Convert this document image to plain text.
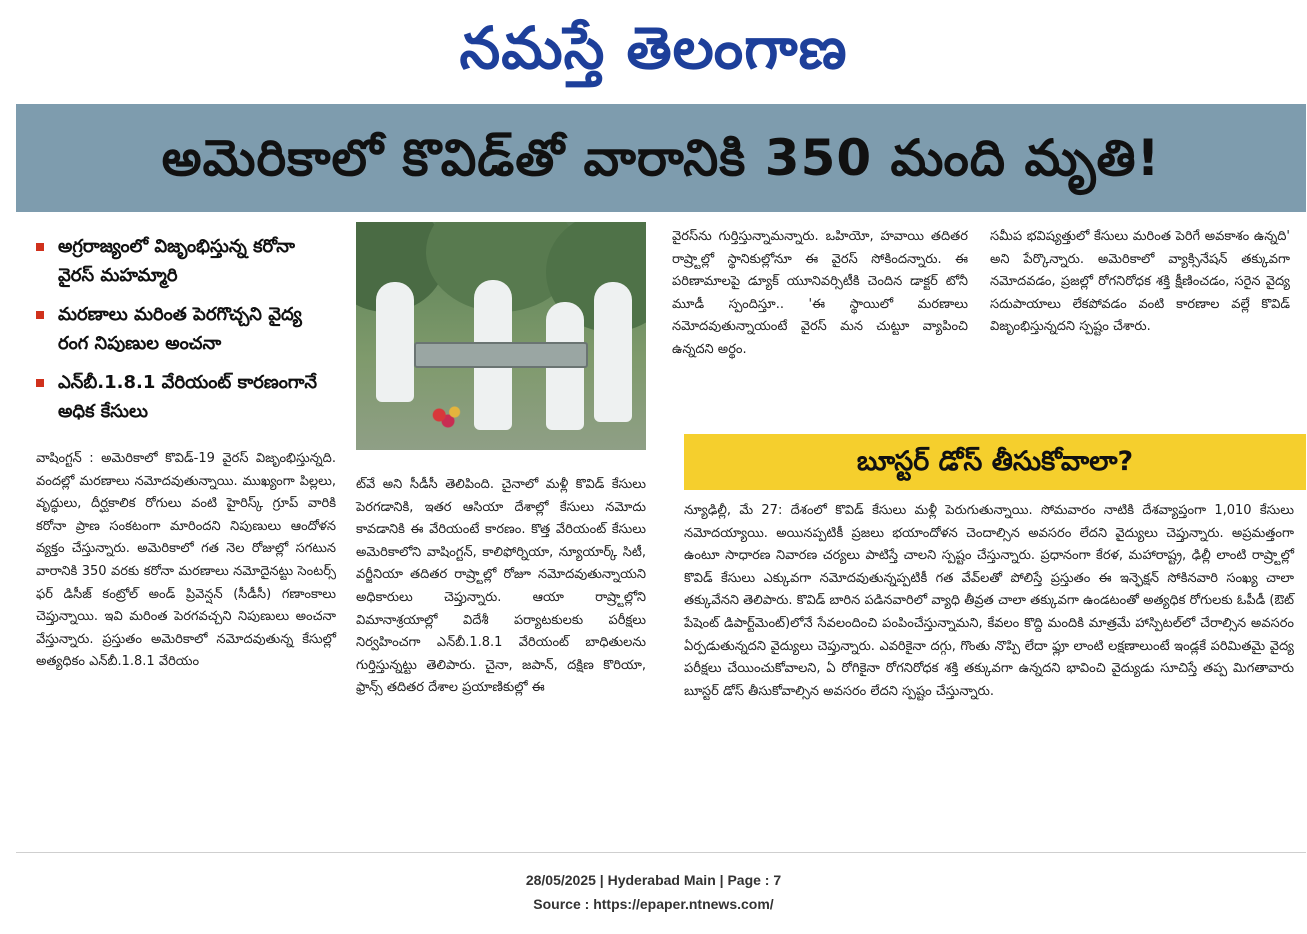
నమస్తే తెలంగాణ
అమెరికాలో కొవిడ్‌తో వారానికి 350 మంది మృతి!
అగ్రరాజ్యంలో విజృంభిస్తున్న కరోనా వైరస్ మహమ్మారి
మరణాలు మరింత పెరగొచ్చని వైద్య రంగ నిపుణుల అంచనా
ఎన్‌బీ.1.8.1 వేరియంట్ కారణంగానే అధిక కేసులు

వాషింగ్టన్ : అమెరికాలో కొవిడ్-19 వైరస్ విజృంభిస్తున్నది. వందల్లో మరణాలు నమోదవుతున్నాయి. ముఖ్యంగా పిల్లలు, వృద్ధులు, దీర్ఘకాలిక రోగులు వంటి హైరిస్క్ గ్రూప్ వారికి కరోనా ప్రాణ సంకటంగా మారిందని నిపుణులు ఆందోళన వ్యక్తం చేస్తున్నారు. అమెరికాలో గత నెల రోజుల్లో సగటున వారానికి 350 వరకు కరోనా మరణాలు నమోదైనట్టు సెంటర్స్ ఫర్ డిసీజ్ కంట్రోల్ అండ్ ప్రివెన్షన్ (సీడీసీ) గణాంకాలు చెప్తున్నాయి. ఇవి మరింత పెరగవచ్చని నిపుణులు అంచనా వేస్తున్నారు. ప్రస్తుతం అమెరికాలో నమోదవుతున్న కేసుల్లో అత్యధికం ఎన్‌బీ.1.8.1 వేరియం

ట్‌వే అని సీడీసీ తెలిపింది. చైనాలో మళ్లీ కొవిడ్ కేసులు పెరగడానికి, ఇతర ఆసియా దేశాల్లో కేసులు నమోదు కావడానికి ఈ వేరియంటే కారణం. కొత్త వేరియంట్ కేసులు అమెరికాలోని వాషింగ్టన్, కాలిఫోర్నియా, న్యూయార్క్ సిటీ, వర్జీనియా తదితర రాష్ర్టాల్లో రోజూ నమోదవుతున్నాయని అధికారులు చెప్తున్నారు. ఆయా రాష్ర్టాల్లోని విమానాశ్రయాల్లో విదేశీ పర్యాటకులకు పరీక్షలు నిర్వహించగా ఎన్‌బీ.1.8.1 వేరియంట్ బాధితులను గుర్తిస్తున్నట్టు తెలిపారు. చైనా, జపాన్, దక్షిణ కొరియా, ఫ్రాన్స్ తదితర దేశాల ప్రయాణికుల్లో ఈ

వైరస్‌ను గుర్తిస్తున్నామన్నారు. ఒహియో, హవాయి తదితర రాష్ర్టాల్లో స్థానికుల్లోనూ ఈ వైరస్ సోకిందన్నారు. ఈ పరిణామాలపై డ్యూక్ యూనివర్సిటీకి చెందిన డాక్టర్ టోనీ మూడీ స్పందిస్తూ.. 'ఈ స్థాయిలో మరణాలు నమోదవుతున్నాయంటే వైరస్ మన చుట్టూ వ్యాపించి ఉన్నదని అర్థం.

సమీప భవిష్యత్తులో కేసులు మరింత పెరిగే అవకాశం ఉన్నది' అని పేర్కొన్నారు. అమెరికాలో వ్యాక్సినేషన్ తక్కువగా నమోదవడం, ప్రజల్లో రోగనిరోధక శక్తి క్షీణించడం, సరైన వైద్య సదుపాయాలు లేకపోవడం వంటి కారణాల వల్లే కొవిడ్ విజృంభిస్తున్నదని స్పష్టం చేశారు.

బూస్టర్ డోస్ తీసుకోవాలా?
న్యూఢిల్లీ, మే 27: దేశంలో కొవిడ్ కేసులు మళ్లీ పెరుగుతున్నాయి. సోమవారం నాటికి దేశవ్యాప్తంగా 1,010 కేసులు నమోదయ్యాయి. అయినప్పటికీ ప్రజలు భయాందోళన చెందాల్సిన అవసరం లేదని వైద్యులు చెప్తున్నారు. అప్రమత్తంగా ఉంటూ సాధారణ నివారణ చర్యలు పాటిస్తే చాలని స్పష్టం చేస్తున్నారు. ప్రధానంగా కేరళ, మహారాష్ట్ర, ఢిల్లీ లాంటి రాష్ర్టాల్లో కొవిడ్ కేసులు ఎక్కువగా నమోదవుతున్నప్పటికీ గత వేవ్‌లతో పోలిస్తే ప్రస్తుతం ఈ ఇన్ఫెక్షన్ సోకినవారి సంఖ్య చాలా తక్కువేనని తెలిపారు. కొవిడ్ బారిన పడినవారిలో వ్యాధి తీవ్రత చాలా తక్కువగా ఉండటంతో అత్యధిక రోగులకు ఓపీడీ (ఔట్ పేషెంట్ డిపార్ట్‌మెంట్)లోనే సేవలందించి పంపించేస్తున్నామని, కేవలం కొద్ది మందికి మాత్రమే హాస్పిటల్‌లో చేరాల్సిన అవసరం ఏర్పడుతున్నదని వైద్యులు చెప్తున్నారు. ఎవరికైనా దగ్గు, గొంతు నొప్పి లేదా ఫ్లూ లాంటి లక్షణాలుంటే ఇండ్లకే పరిమితమై వైద్య పరీక్షలు చేయించుకోవాలని, ఏ రోగికైనా రోగనిరోధక శక్తి తక్కువగా ఉన్నదని భావించి వైద్యుడు సూచిస్తే తప్ప మిగతావారు బూస్టర్ డోస్ తీసుకోవాల్సిన అవసరం లేదని స్పష్టం చేస్తున్నారు.
28/05/2025 | Hyderabad Main | Page : 7
Source : https://epaper.ntnews.com/
